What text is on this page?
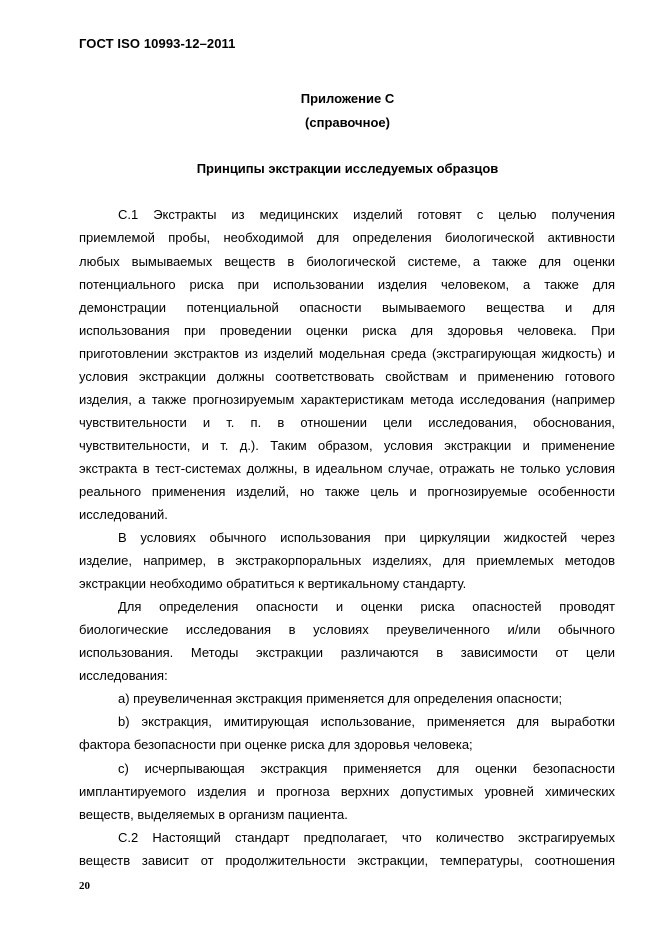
ГОСТ ISO 10993-12–2011
Приложение С
(справочное)
Принципы экстракции исследуемых образцов
С.1 Экстракты из медицинских изделий готовят с целью получения
приемлемой пробы, необходимой для определения биологической активности
любых вымываемых веществ в биологической системе, а также для оценки
потенциального риска при использовании изделия человеком, а также для
демонстрации потенциальной опасности вымываемого вещества и для
использования при проведении оценки риска для здоровья человека. При
приготовлении экстрактов из изделий модельная среда (экстрагирующая жидкость) и
условия экстракции должны соответствовать свойствам и применению готового
изделия, а также прогнозируемым характеристикам метода исследования (например
чувствительности и т. п. в отношении цели исследования, обоснования,
чувствительности, и т. д.). Таким образом, условия экстракции и применение
экстракта в тест-системах должны, в идеальном случае, отражать не только условия
реального применения изделий, но также цель и прогнозируемые особенности
исследований.
В условиях обычного использования при циркуляции жидкостей через
изделие, например, в экстракорпоральных изделиях, для приемлемых методов
экстракции необходимо обратиться к вертикальному стандарту.
Для определения опасности и оценки риска опасностей проводят
биологические исследования в условиях преувеличенного и/или обычного
использования. Методы экстракции различаются в зависимости от цели
исследования:
а) преувеличенная экстракция применяется для определения опасности;
b) экстракция, имитирующая использование, применяется для выработки
фактора безопасности при оценке риска для здоровья человека;
с) исчерпывающая экстракция применяется для оценки безопасности
имплантируемого изделия и прогноза верхних допустимых уровней химических
веществ, выделяемых в организм пациента.
С.2 Настоящий стандарт предполагает, что количество экстрагируемых
веществ зависит от продолжительности экстракции, температуры, соотношения
20
